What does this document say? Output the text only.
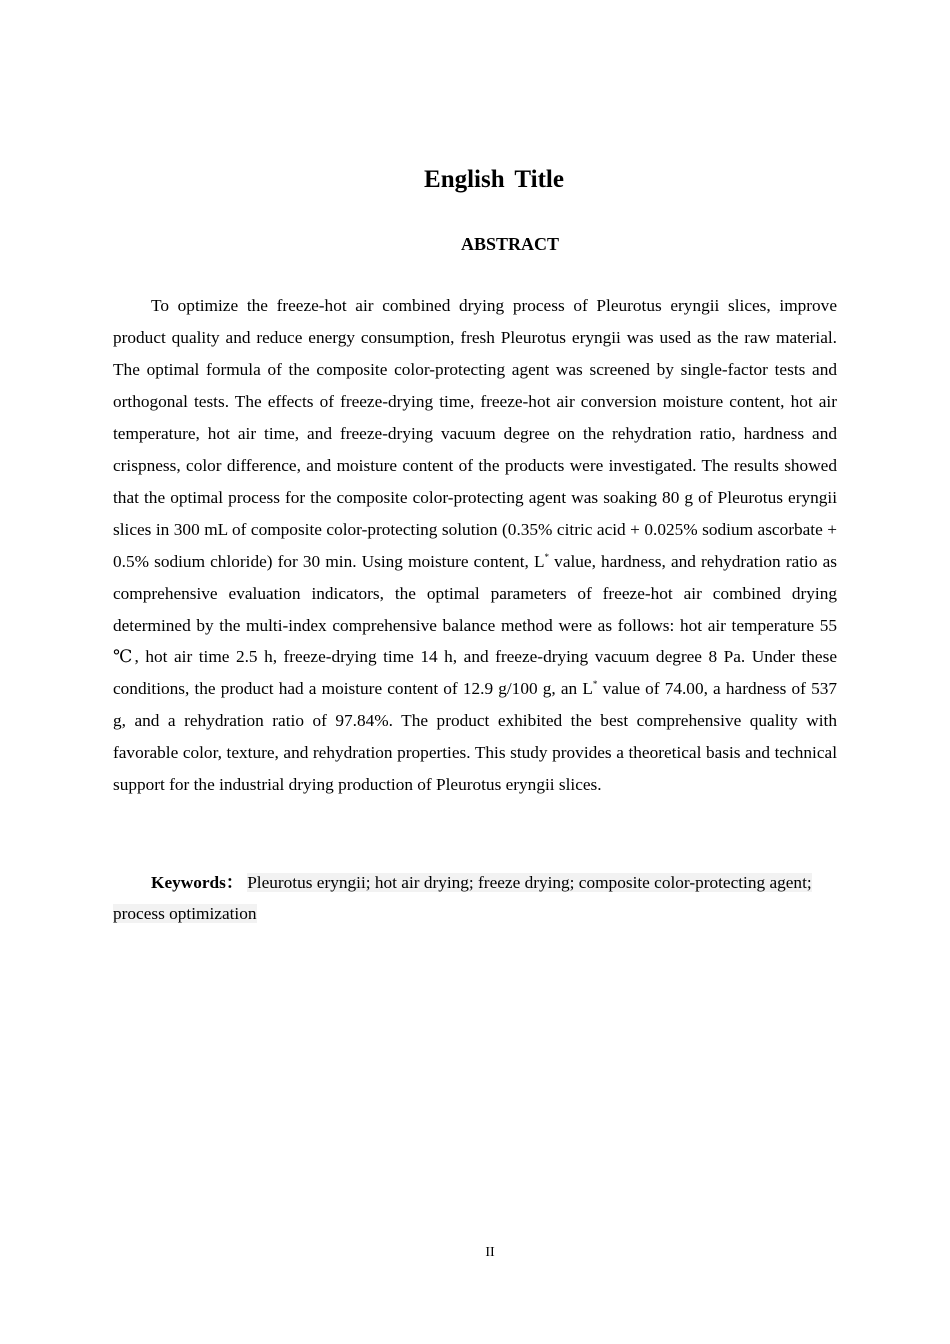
English Title
ABSTRACT

To optimize the freeze-hot air combined drying process of Pleurotus eryngii slices, improve product quality and reduce energy consumption, fresh Pleurotus eryngii was used as the raw material. The optimal formula of the composite color-protecting agent was screened by single-factor tests and orthogonal tests. The effects of freeze-drying time, freeze-hot air conversion moisture content, hot air temperature, hot air time, and freeze-drying vacuum degree on the rehydration ratio, hardness and crispness, color difference, and moisture content of the products were investigated. The results showed that the optimal process for the composite color-protecting agent was soaking 80 g of Pleurotus eryngii slices in 300 mL of composite color-protecting solution (0.35% citric acid + 0.025% sodium ascorbate + 0.5% sodium chloride) for 30 min. Using moisture content, L* value, hardness, and rehydration ratio as comprehensive evaluation indicators, the optimal parameters of freeze-hot air combined drying determined by the multi-index comprehensive balance method were as follows: hot air temperature 55 ℃, hot air time 2.5 h, freeze-drying time 14 h, and freeze-drying vacuum degree 8 Pa. Under these conditions, the product had a moisture content of 12.9 g/100 g, an L* value of 74.00, a hardness of 537 g, and a rehydration ratio of 97.84%. The product exhibited the best comprehensive quality with favorable color, texture, and rehydration properties. This study provides a theoretical basis and technical support for the industrial drying production of Pleurotus eryngii slices.

Keywords： Pleurotus eryngii; hot air drying; freeze drying; composite color-protecting agent; process optimization

II
